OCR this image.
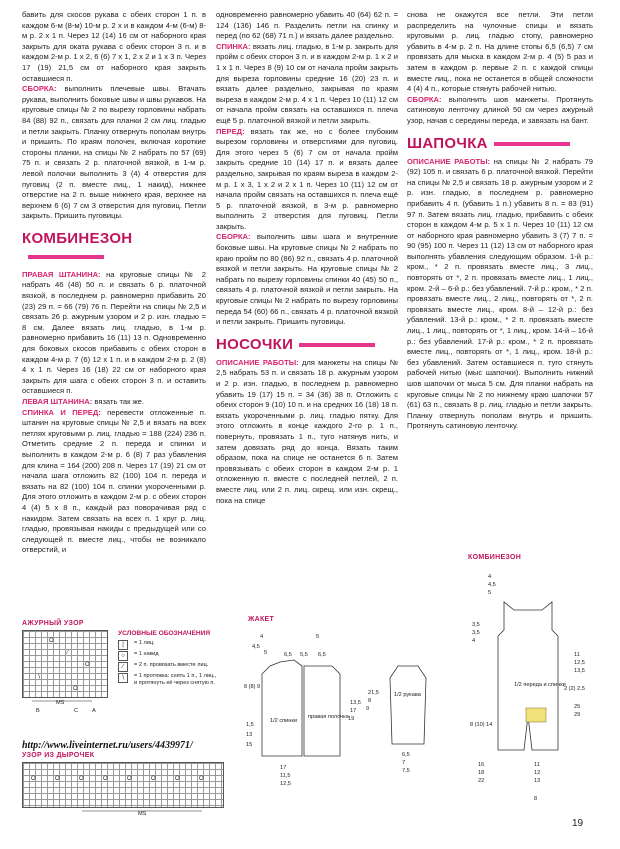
бавить для скосов рукава с обеих сторон 1 п. в каждом 6-м (8-м) 10-м р. 2 х и в каждом 4-м (6-м) 8-м р. 2 х 1 п. Через 12 (14) 16 см от наборного края закрыть для оката рукава с обеих сторон 3 п. и в каждом 2-м р. 1 х 2, 6 (6) 7 х 1, 2 х 2 и 1 х 3 п. Через 17 (19) 21,5 см от наборного края закрыть оставшиеся п.

СБОРКА: выполнить плечевые швы. Втачать рукава, выполнить боковые швы и швы рукавов. На круговые спицы № 2 по вырезу горловины набрать 84 (88) 92 п., связать для планки 2 см лиц. гладью и петли закрыть. Планку отвернуть пополам внутрь и пришить. По краям полочек, включая короткие стороны планки, на спицы № 2 набрать по 57 (69) 75 п. и связать 2 р. платочной вязкой, в 1-м р. левой полочки выполнить 3 (4) 4 отверстия для пуговиц (2 п. вместе лиц., 1 накид), нижнее отверстие на 2 п. выше нижнего края, верхнее на верхнем 6 (6) 7 см 3 отверстия для пуговиц. Петли закрыть. Пришить пуговицы.

КОМБИНЕЗОН

ПРАВАЯ ШТАНИНА: на круговые спицы № 2 набрать 46 (48) 50 п. и связать 6 р. платочной вязкой, в последнем р. равномерно прибавить 20 (23) 29 п. = 66 (79) 76 п. Перейти на спицы № 2,5 и связать 26 р. ажурным узором и 2 р. изн. гладью = 8 см. Далее вязать лиц. гладью, в 1-м р. равномерно прибавить 16 (11) 13 п. Одновременно для боковых скосов прибавить с обеих сторон в каждом 4-м р. 7 (6) 12 х 1 п. и в каждом 2-м р. 2 (8) 4 х 1 п. Через 16 (18) 22 см от наборного края закрыть для шага с обеих сторон 3 п. и оставить оставшиеся п.

ЛЕВАЯ ШТАНИНА: вязать так же.

СПИНКА И ПЕРЕД: перевести отложенные п. штанин на круговые спицы № 2,5 и вязать на всех петлях круговыми р. лиц. гладью = 188 (224) 236 п. Отметить средние 2 п. переда и спинки и выполнить в каждом 2-м р. 6 (8) 7 раз убавления для клина = 164 (200) 208 п. Через 17 (19) 21 см от начала шага отложить 82 (100) 104 п. переда и вязать на 82 (100) 104 п. спинки укороченными р. Для этого отложить в каждом 2-м р. с обеих сторон 4 (4) 5 х 8 п., каждый раз поворачивая ряд с накидом. Затем связать на всех п. 1 круг р. лиц. гладью, провязывая накиды с предыдущей или со следующей п. вместе лиц., чтобы не возникало отверстий, и

одновременно равномерно убавить 40 (64) 62 п. = 124 (136) 146 п. Разделить петли на спинку и перед (по 62 (68) 71 п.) и вязать далее раздельно.

СПИНКА: вязать лиц. гладью, в 1-м р. закрыть для пройм с обеих сторон 3 п. и в каждом 2-м р. 1 х 2 и 1 х 1 п. Через 8 (9) 10 см от начала пройм закрыть для выреза горловины средние 16 (20) 23 п. и вязать далее раздельно, закрывая по краям выреза в каждом 2-м р. 4 х 1 п. Через 10 (11) 12 см от начала пройм связать на оставшихся п. плеча ещё 5 р. платочной вязкой и петли закрыть.

ПЕРЕД: вязать так же, но с более глубоким вырезом горловины и отверстиями для пуговиц. Для этого через 5 (6) 7 см от начала пройм закрыть средние 10 (14) 17 п. и вязать далее раздельно, закрывая по краям выреза в каждом 2-м р. 1 х 3, 1 х 2 и 2 х 1 п. Через 10 (11) 12 см от начала пройм связать на оставшихся п. плеча ещё 5 р. платочной вязкой, в 3-м р. равномерно выполнить 2 отверстия для пуговиц. Петли закрыть.

СБОРКА: выполнить швы шага и внутренние боковые швы. На круговые спицы № 2 набрать по краю пройм по 80 (86) 92 п., связать 4 р. платочной вязкой и петли закрыть. На круговые спицы № 2 набрать по вырезу горловины спинки 40 (45) 50 п., связать 4 р. платочной вязкой и петли закрыть. На круговые спицы № 2 набрать по вырезу горловины переда 54 (60) 66 п., связать 4 р. платочной вязкой и петли закрыть. Пришить пуговицы.

НОСОЧКИ

ОПИСАНИЕ РАБОТЫ: для манжеты на спицы № 2,5 набрать 53 п. и связать 18 р. ажурным узором и 2 р. изн. гладью, в последнем р. равномерно убавить 19 (17) 15 п. = 34 (36) 38 п. Отложить с обеих сторон 9 (10) 10 п. и на средних 16 (18) 18 п. вязать укороченными р. лиц. гладью пятку. Для этого отложить в конце каждого 2-го р. 1 п., повернуть, провязать 1 п., туго натянув нить, и затем довязать ряд до конца. Вязать таким образом, пока на спице не останется 6 п. Затем провязывать с обеих сторон в каждом 2-м р. 1 отложенную п. вместе с последней петлей, 2 п. вместе лиц. или 2 п. лиц. скрещ. или изн. скрещ., пока на спице

снова не окажутся все петли. Эти петли распределить на чулочные спицы и вязать круговыми р. лиц. гладью стопу, равномерно убавить в 4-м р. 2 п. На длине стопы 6,5 (6,5) 7 см провязать для мыска в каждом 2-м р. 4 (5) 5 раз и затем в каждом р. первые 2 п. с каждой спицы вместе лиц., пока не останется в общей сложности 4 (4) 4 п., которые стянуть рабочей нитью.

СБОРКА: выполнить шов манжеты. Протянуть сатиновую ленточку длиной 50 см через ажурный узор, начав с середины переда, и завязать на бант.

ШАПОЧКА

ОПИСАНИЕ РАБОТЫ: на спицы № 2 набрать 79 (92) 105 п. и связать 6 р. платочной вязкой. Перейти на спицы № 2,5 и связать 18 р. ажурным узором и 2 р. изн. гладью, в последнем р. равномерно прибавить 4 п. (убавить 1 п.) убавить 8 п. = 83 (91) 97 п. Затем вязать лиц. гладью, прибавить с обеих сторон в каждом 4-м р. 5 х 1 п. Через 10 (11) 12 см от наборного края равномерно убавить 3 (7) 7 п. = 90 (95) 100 п. Через 11 (12) 13 см от наборного края выполнять убавления следующим образом. 1-й р.: кром., * 2 п. провязать вместе лиц., 3 лиц., повторять от *, 2 п. провязать вместе лиц., 1 лиц., кром. 2-й – 6-й р.: без убавлений. 7-й р.: кром., * 2 п. провязать вместе лиц., 2 лиц., повторять от *, 2 п. провязать вместе лиц., кром. 8-й – 12-й р.: без убавлений. 13-й р.: кром., * 2 п. провязать вместе лиц., 1 лиц., повторять от *, 1 лиц., кром. 14-й – 16-й р.: без убавлений. 17-й р.: кром., * 2 п. провязать вместе лиц., повторять от *, 1 лиц., кром. 18-й р.: без убавлений. Затем оставшиеся п. туго стянуть рабочей нитью (мыс шапочки). Выполнить нижний шов шапочки от мыса 5 см. Для планки набрать на круговые спицы № 2 по нижнему краю шапочки 57 (61) 63 п., связать 8 р. лиц. гладью и петли закрыть. Планку отвернуть пополам внутрь и пришить. Протянуть сатиновую ленточку.

АЖУРНЫЙ УЗОР
O
∕
O
∖
O
MS
B	C A
УСЛОВНЫЕ ОБОЗНАЧЕНИЯ
|	= 1 лиц.
○	= 1 накид
∕	= 2 п. провязать вместе лиц.
∖	= 1 протяжка: снять 1 п., 1 лиц., и протянуть её через снятую п.
http://www.liveinternet.ru/users/4439971/
УЗОР ИЗ ДЫРОЧЕК
O	O	O	O	O	O	O	O
MS
ЖАКЕТ
1/2 спинки
правая полочка
1/2 рукава
4
4,5
5
5
6,5 5,5 6,5
8 (8) 9
1,5
13
15
17
11,5
12,5
13,5
17
19
21,5
8
9
6,5
7
7,5
КОМБИНЕЗОН
1/2 переда и спинки
4
4,5
5
3,5
3,5
4
11
12,5
13,5
2 (2) 2,5
25
29
8 (10) 14
16
18
22
11
12
13
8
19
